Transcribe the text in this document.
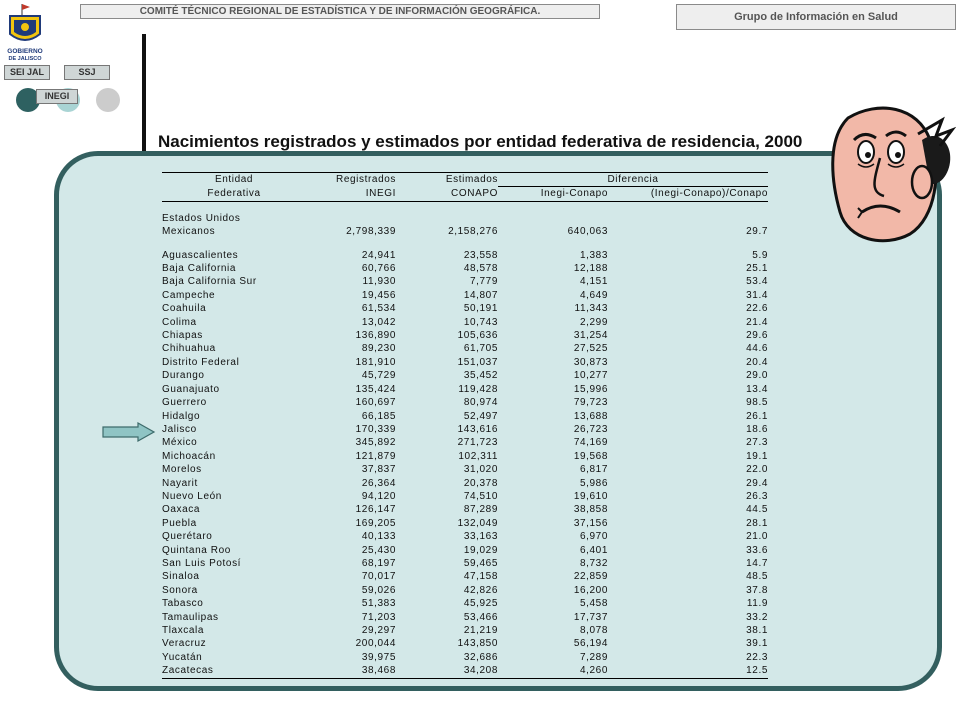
COMITÉ TÉCNICO REGIONAL DE ESTADÍSTICA Y DE INFORMACIÓN GEOGRÁFICA.	Grupo de Información en Salud
GOBIERNO
DE JALISCO
SEI JAL	SSJ
INEGI
Nacimientos registrados y estimados por entidad federativa de residencia, 2000
Entidad	Registrados	Estimados	Diferencia	
Federativa	INEGI	CONAPO	Inegi-Conapo	(Inegi-Conapo)/Conapo

Estados Unidos				
Mexicanos	2,798,339	2,158,276	640,063	29.7

Aguascalientes	24,941	23,558	1,383	5.9
Baja California	60,766	48,578	12,188	25.1
Baja California Sur	11,930	7,779	4,151	53.4
Campeche	19,456	14,807	4,649	31.4
Coahuila	61,534	50,191	11,343	22.6
Colima	13,042	10,743	2,299	21.4
Chiapas	136,890	105,636	31,254	29.6
Chihuahua	89,230	61,705	27,525	44.6
Distrito Federal	181,910	151,037	30,873	20.4
Durango	45,729	35,452	10,277	29.0
Guanajuato	135,424	119,428	15,996	13.4
Guerrero	160,697	80,974	79,723	98.5
Hidalgo	66,185	52,497	13,688	26.1
Jalisco	170,339	143,616	26,723	18.6
México	345,892	271,723	74,169	27.3
Michoacán	121,879	102,311	19,568	19.1
Morelos	37,837	31,020	6,817	22.0
Nayarit	26,364	20,378	5,986	29.4
Nuevo León	94,120	74,510	19,610	26.3
Oaxaca	126,147	87,289	38,858	44.5
Puebla	169,205	132,049	37,156	28.1
Querétaro	40,133	33,163	6,970	21.0
Quintana Roo	25,430	19,029	6,401	33.6
San Luis Potosí	68,197	59,465	8,732	14.7
Sinaloa	70,017	47,158	22,859	48.5
Sonora	59,026	42,826	16,200	37.8
Tabasco	51,383	45,925	5,458	11.9
Tamaulipas	71,203	53,466	17,737	33.2
Tlaxcala	29,297	21,219	8,078	38.1
Veracruz	200,044	143,850	56,194	39.1
Yucatán	39,975	32,686	7,289	22.3
Zacatecas	38,468	34,208	4,260	12.5
